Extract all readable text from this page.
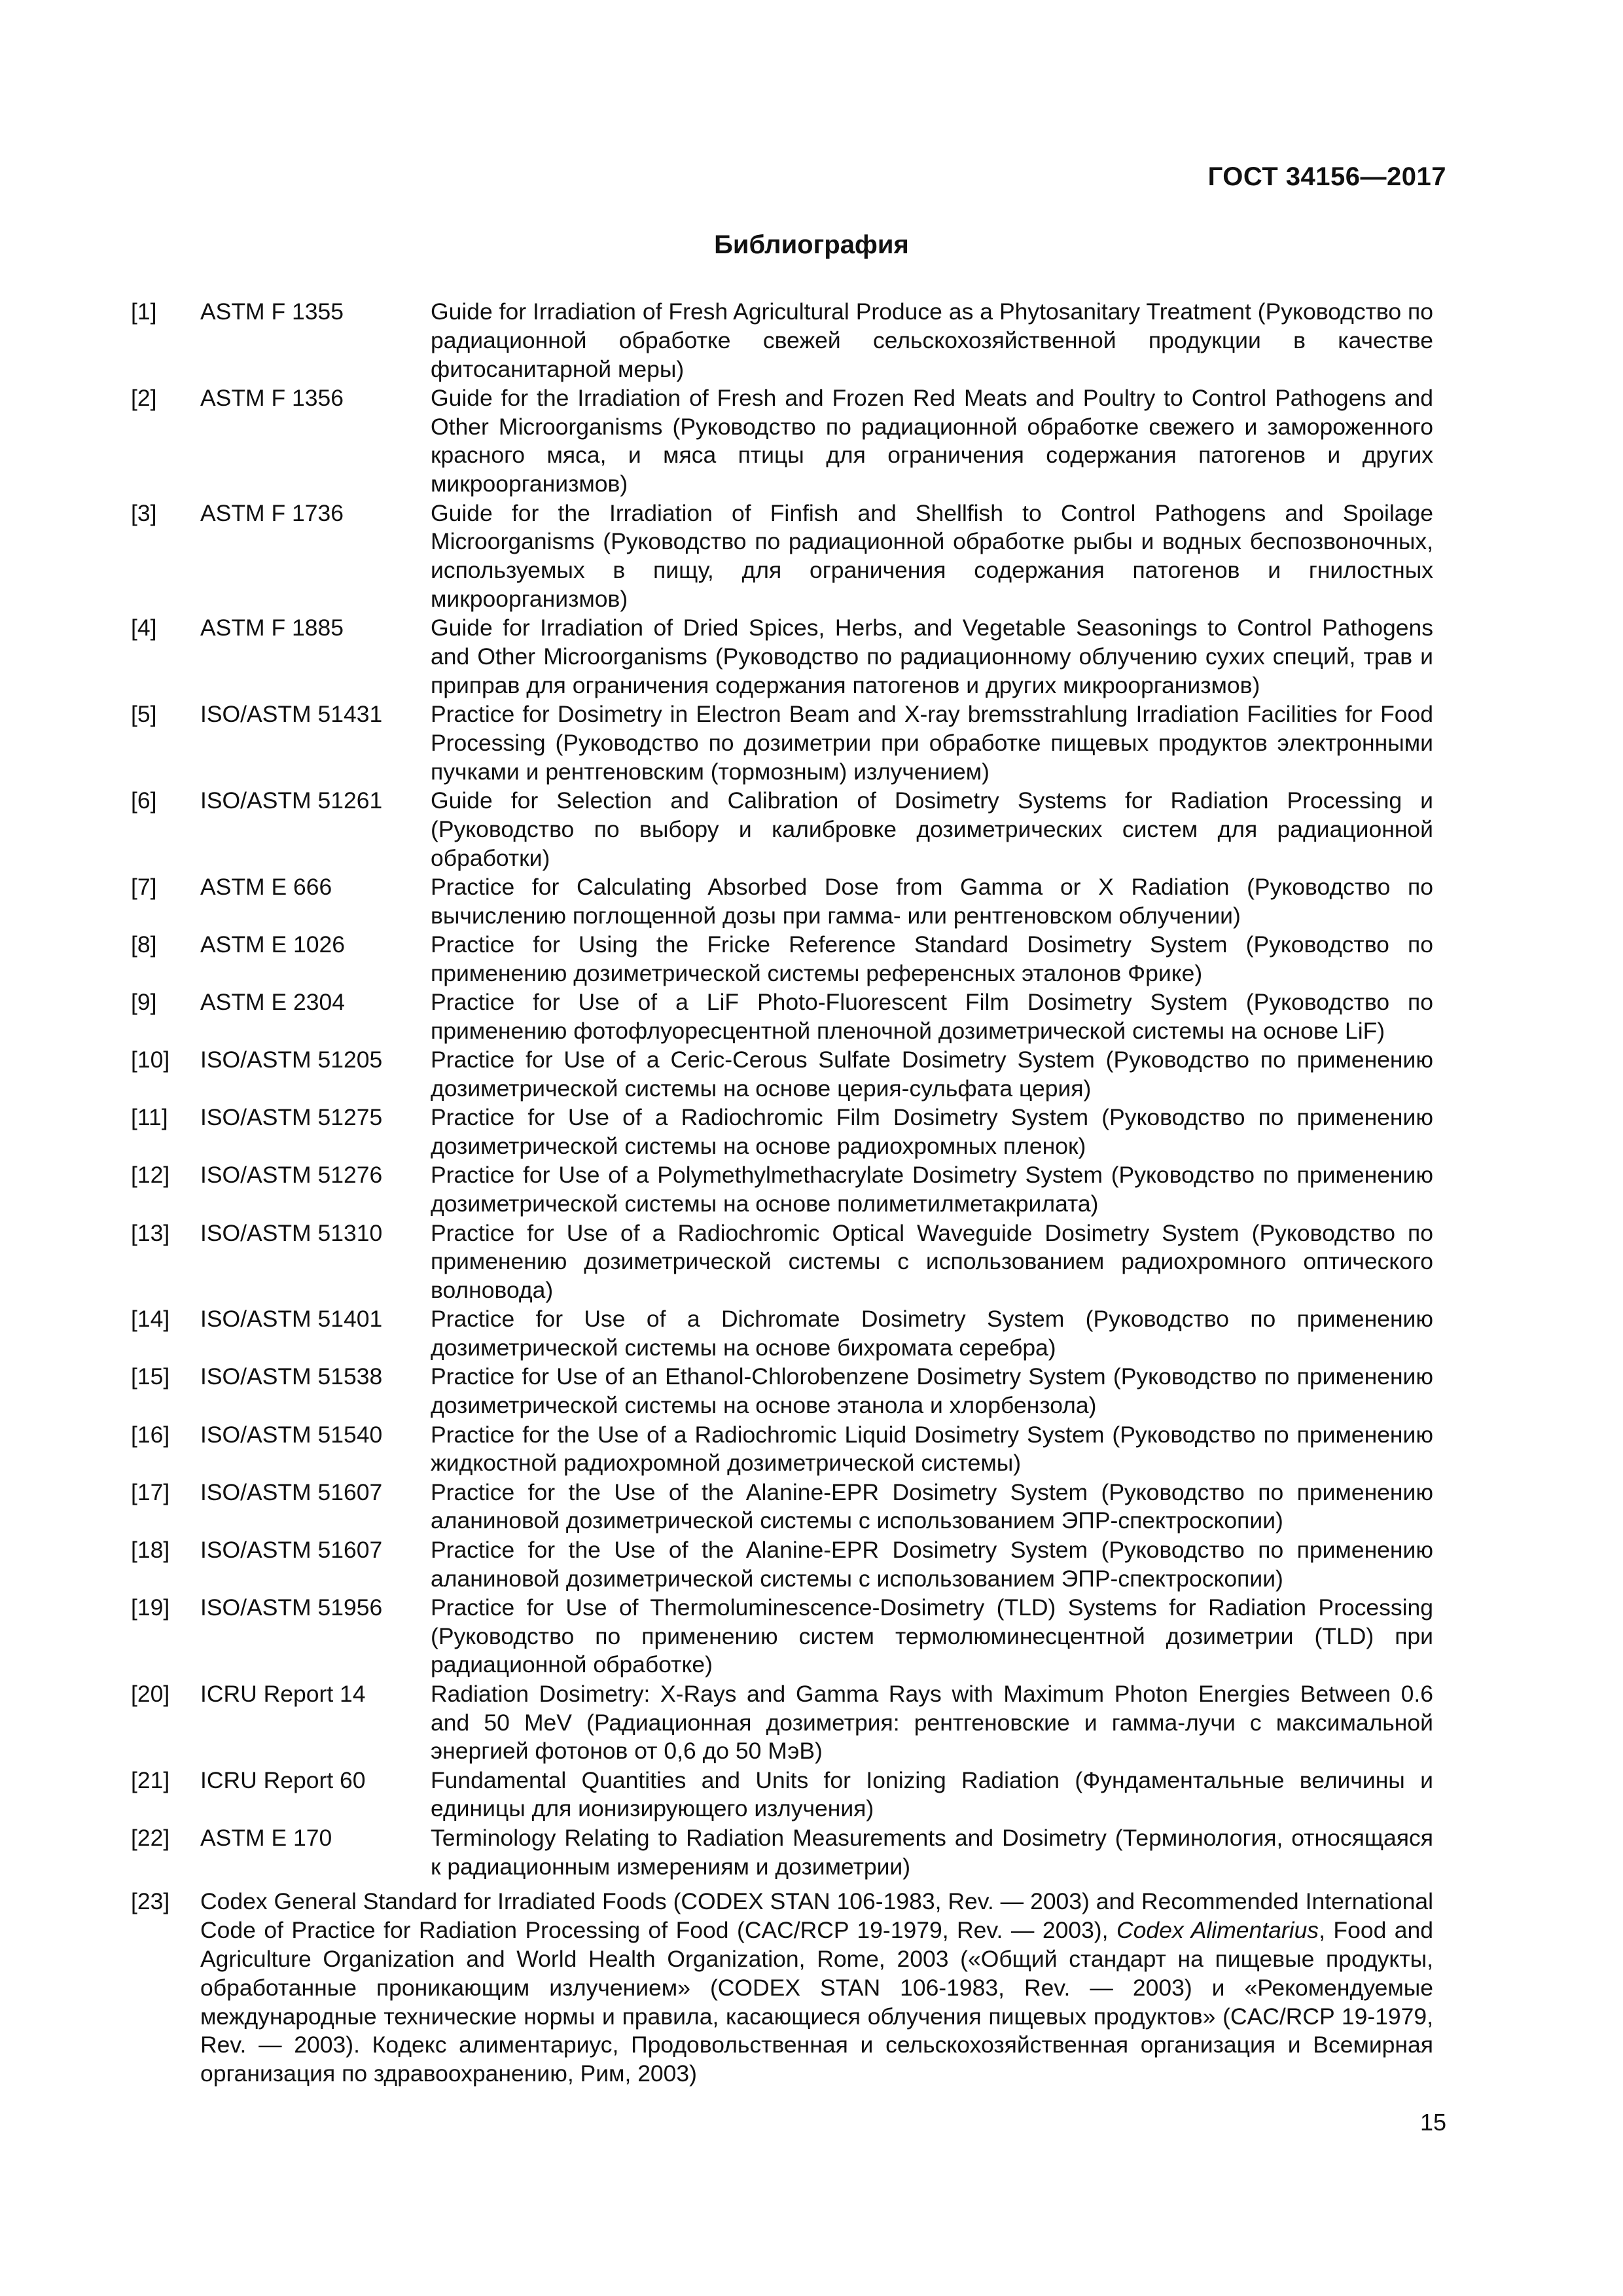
ГОСТ 34156—2017
Библиография
[1]	ASTM F 1355	Guide for Irradiation of Fresh Agricultural Produce as a Phytosanitary Treatment (Руководство по радиационной обработке свежей сельскохозяйственной продукции в качестве фитосанитарной меры)
[2]	ASTM F 1356	Guide for the Irradiation of Fresh and Frozen Red Meats and Poultry to Control Pathogens and Other Microorganisms (Руководство по радиационной обработке свежего и замороженного красного мяса, и мяса птицы для ограничения содержания патогенов и других микроорганизмов)
[3]	ASTM F 1736	Guide for the Irradiation of Finfish and Shellfish to Control Pathogens and Spoilage Microorganisms (Руководство по радиационной обработке рыбы и водных беспозвоночных, используемых в пищу, для ограничения содержания патогенов и гнилостных микроорганизмов)
[4]	ASTM F 1885	Guide for Irradiation of Dried Spices, Herbs, and Vegetable Seasonings to Control Pathogens and Other Microorganisms (Руководство по радиационному облучению сухих специй, трав и приправ для ограничения содержания патогенов и других микроорганизмов)
[5]	ISO/ASTM 51431	Practice for Dosimetry in Electron Beam and X-ray bremsstrahlung Irradiation Facilities for Food Processing (Руководство по дозиметрии при обработке пищевых продуктов электронными пучками и рентгеновским (тормозным) излучением)
[6]	ISO/ASTM 51261	Guide for Selection and Calibration of Dosimetry Systems for Radiation Processing и (Руководство по выбору и калибровке дозиметрических систем для радиационной обработки)
[7]	ASTM E 666	Practice for Calculating Absorbed Dose from Gamma or X Radiation (Руководство по вычислению поглощенной дозы при гамма- или рентгеновском облучении)
[8]	ASTM E 1026	Practice for Using the Fricke Reference Standard Dosimetry System (Руководство по применению дозиметрической системы референсных эталонов Фрике)
[9]	ASTM E 2304	Practice for Use of a LiF Photo-Fluorescent Film Dosimetry System (Руководство по применению фотофлуоресцентной пленочной дозиметрической системы на основе LiF)
[10]	ISO/ASTM 51205	Practice for Use of a Ceric-Cerous Sulfate Dosimetry System (Руководство по применению дозиметрической системы на основе церия-сульфата церия)
[11]	ISO/ASTM 51275	Practice for Use of a Radiochromic Film Dosimetry System (Руководство по применению дозиметрической системы на основе радиохромных пленок)
[12]	ISO/ASTM 51276	Practice for Use of a Polymethylmethacrylate Dosimetry System (Руководство по применению дозиметрической системы на основе полиметилметакрилата)
[13]	ISO/ASTM 51310	Practice for Use of a Radiochromic Optical Waveguide Dosimetry System (Руководство по применению дозиметрической системы с использованием радиохромного оптического волновода)
[14]	ISO/ASTM 51401	Practice for Use of a Dichromate Dosimetry System (Руководство по применению дозиметрической системы на основе бихромата серебра)
[15]	ISO/ASTM 51538	Practice for Use of an Ethanol-Chlorobenzene Dosimetry System (Руководство по применению дозиметрической системы на основе этанола и хлорбензола)
[16]	ISO/ASTM 51540	Practice for the Use of a Radiochromic Liquid Dosimetry System (Руководство по применению жидкостной радиохромной дозиметрической системы)
[17]	ISO/ASTM 51607	Practice for the Use of the Alanine-EPR Dosimetry System (Руководство по применению аланиновой дозиметрической системы с использованием ЭПР-спектроскопии)
[18]	ISO/ASTM 51607	Practice for the Use of the Alanine-EPR Dosimetry System (Руководство по применению аланиновой дозиметрической системы с использованием ЭПР-спектроскопии)
[19]	ISO/ASTM 51956	Practice for Use of Thermoluminescence-Dosimetry (TLD) Systems for Radiation Processing (Руководство по применению систем термолюминесцентной дозиметрии (TLD) при радиационной обработке)
[20]	ICRU Report 14	Radiation Dosimetry: X-Rays and Gamma Rays with Maximum Photon Energies Between 0.6 and 50 MeV (Радиационная дозиметрия: рентгеновские и гамма-лучи с максимальной энергией фотонов от 0,6 до 50 МэВ)
[21]	ICRU Report 60	Fundamental Quantities and Units for Ionizing Radiation (Фундаментальные величины и единицы для ионизирующего излучения)
[22]	ASTM E 170	Terminology Relating to Radiation Measurements and Dosimetry (Терминология, относящаяся к радиационным измерениям и дозиметрии)
[23]	Codex General Standard for Irradiated Foods (CODEX STAN 106-1983, Rev. — 2003) and Recommended International Code of Practice for Radiation Processing of Food (CAC/RCP 19-1979, Rev. — 2003), Codex Alimentarius, Food and Agriculture Organization and World Health Organization, Rome, 2003 («Общий стандарт на пищевые продукты, обработанные проникающим излучением» (CODEX STAN 106-1983, Rev. — 2003) и «Рекомендуемые международные технические нормы и правила, касающиеся облучения пищевых продуктов» (CAC/RCP 19-1979, Rev. — 2003). Кодекс алиментариус, Продовольственная и сельскохозяйственная организация и Всемирная организация по здравоохранению, Рим, 2003)
15
